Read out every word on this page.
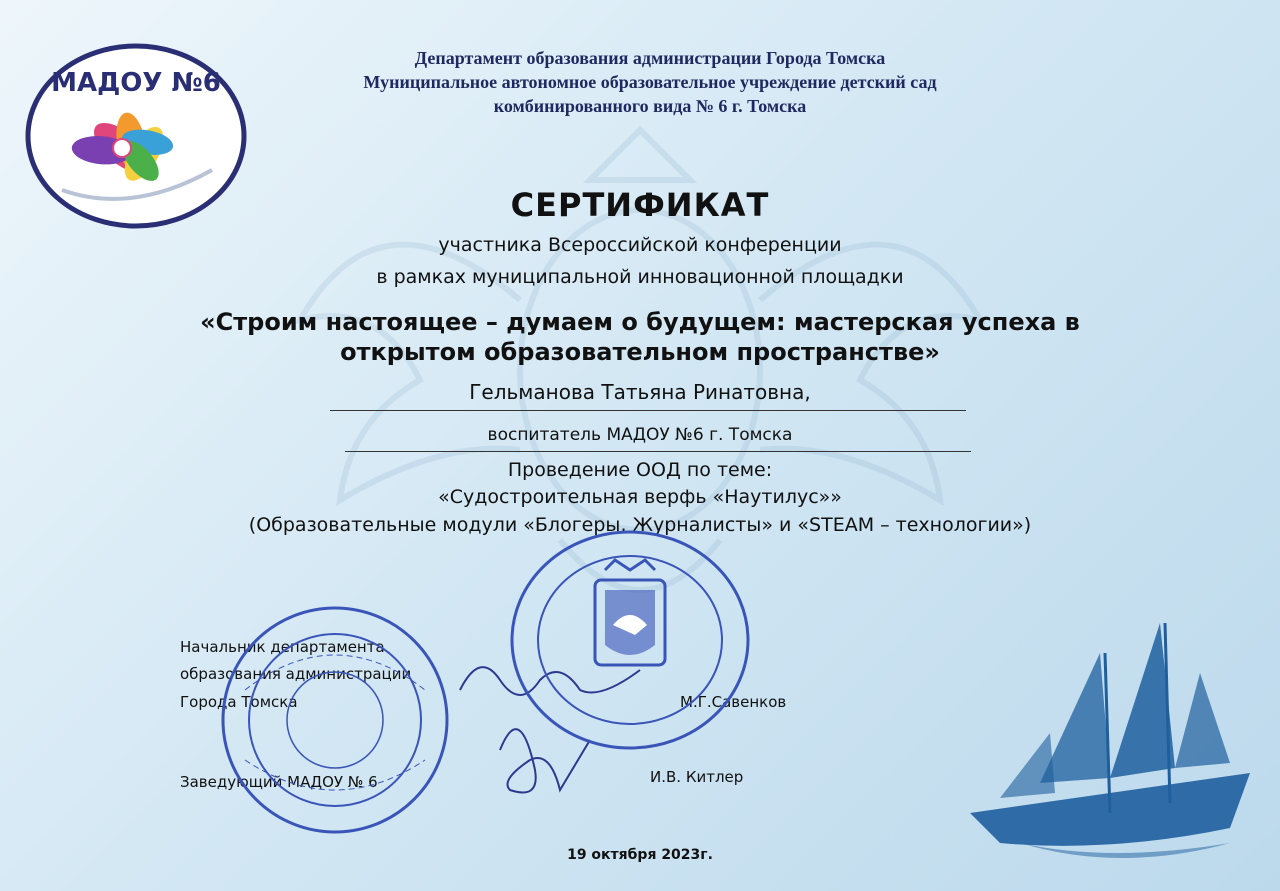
МАДОУ №6
Департамент образования администрации Города Томска
Муниципальное автономное образовательное учреждение детский сад
комбинированного вида № 6 г. Томска
СЕРТИФИКАТ
участника Всероссийской конференции
в рамках муниципальной инновационной площадки
«Строим настоящее – думаем о будущем: мастерская успеха в
открытом образовательном пространстве»
Гельманова Татьяна Ринатовна,
воспитатель МАДОУ №6 г. Томска
Проведение ООД по теме:
«Судостроительная верфь «Наутилус»»
(Образовательные модули «Блогеры, Журналисты» и «STEAM – технологии»)
Начальник департамента
образования администрации
Города Томска	М.Г.Савенков
Заведующий МАДОУ № 6	И.В. Китлер
19 октября 2023г.
